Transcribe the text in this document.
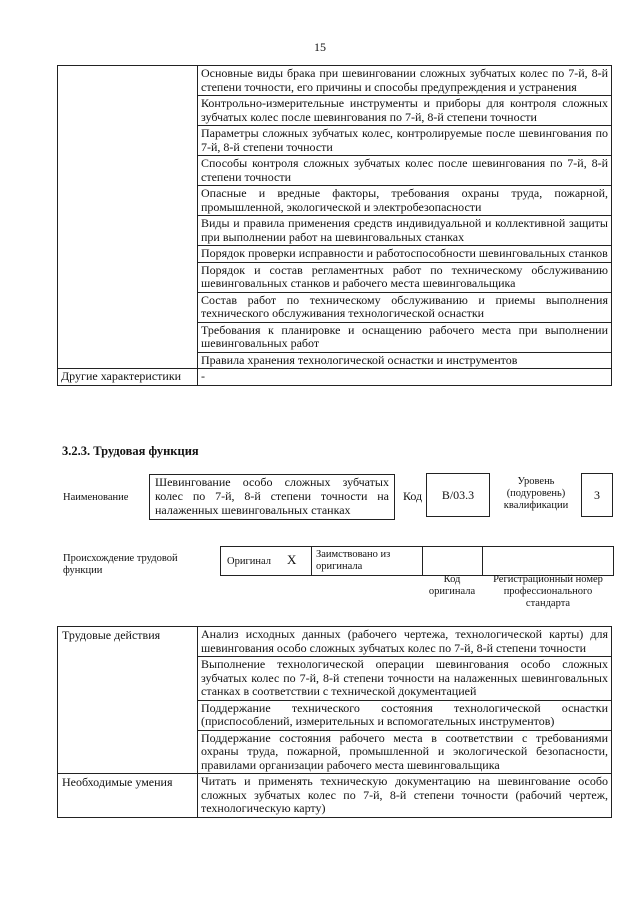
15
	Основные виды брака при шевинговании сложных зубчатых колес по 7-й, 8-й степени точности, его причины и способы предупреждения и устранения
	Контрольно-измерительные инструменты и приборы для контроля сложных зубчатых колес после шевингования по 7-й, 8-й степени точности
	Параметры сложных зубчатых колес, контролируемые после шевингования по 7-й, 8-й степени точности
	Способы контроля сложных зубчатых колес после шевингования по 7-й, 8-й степени точности
	Опасные и вредные факторы, требования охраны труда, пожарной, промышленной, экологической и электробезопасности
	Виды и правила применения средств индивидуальной и коллективной защиты при выполнении работ на шевинговальных станках
	Порядок проверки исправности и работоспособности шевинговальных станков
	Порядок и состав регламентных работ по техническому обслуживанию шевинговальных станков и рабочего места шевинговальщика
	Состав работ по техническому обслуживанию и приемы выполнения технического обслуживания технологической оснастки
	Требования к планировке и оснащению рабочего места при выполнении шевинговальных работ
	Правила хранения технологической оснастки и инструментов
Другие характеристики	-
3.2.3. Трудовая функция
Наименование
Шевингование особо сложных зубчатых колес по 7-й, 8-й степени точности на налаженных шевинговальных станках
Код	B/03.3
Уровень (подуровень) квалификации
3
Происхождение трудовой функции
Оригинал X Заимствовано из оригинала
Код оригинала
Регистрационный номер профессионального стандарта
Трудовые действия	Анализ исходных данных (рабочего чертежа, технологической карты) для шевингования особо сложных зубчатых колес по 7-й, 8-й степени точности
	Выполнение технологической операции шевингования особо сложных зубчатых колес по 7-й, 8-й степени точности на налаженных шевинговальных станках в соответствии с технической документацией
	Поддержание технического состояния технологической оснастки (приспособлений, измерительных и вспомогательных инструментов)
	Поддержание состояния рабочего места в соответствии с требованиями охраны труда, пожарной, промышленной и экологической безопасности, правилами организации рабочего места шевинговальщика
Необходимые умения	Читать и применять техническую документацию на шевингование особо сложных зубчатых колес по 7-й, 8-й степени точности (рабочий чертеж, технологическую карту)
